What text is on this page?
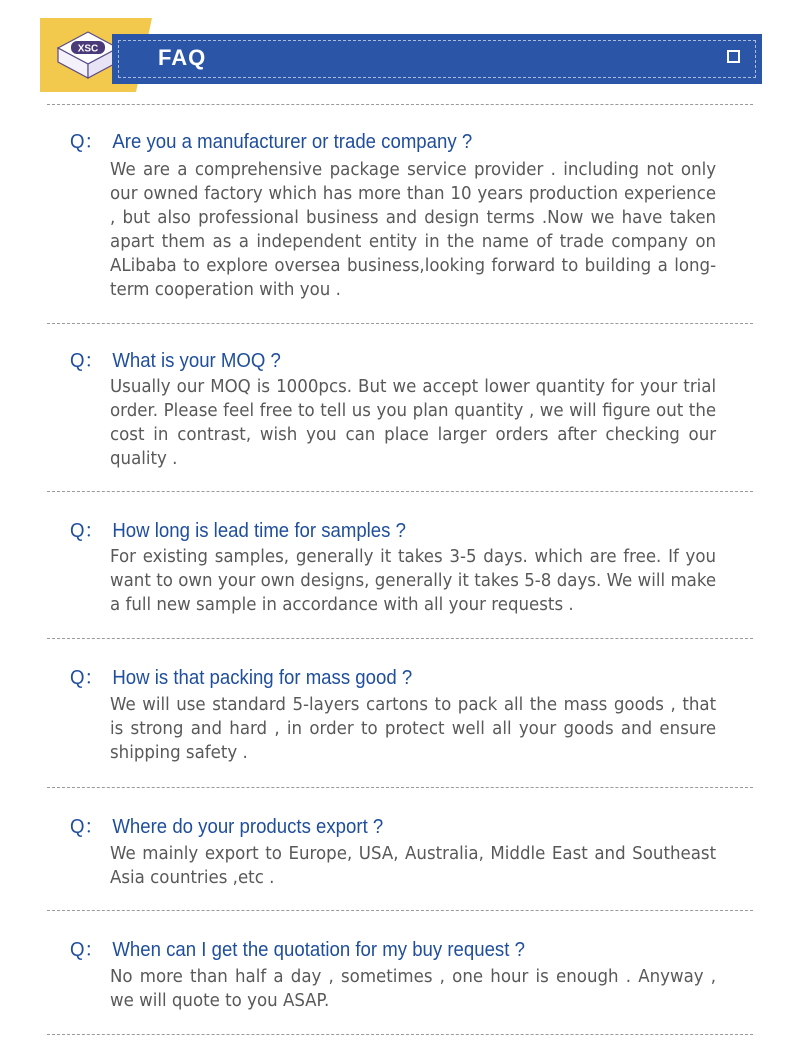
XSC	FAQ
Q： Are you a manufacturer or trade company ?
We are a comprehensive package service provider . including not only our owned factory which has more than 10 years production experience , but also professional business and design terms .Now we have taken apart them as a independent entity in the name of trade company on ALibaba to explore oversea business,looking forward to building a long-term cooperation with you .
Q： What is your MOQ ?
Usually our MOQ is 1000pcs. But we accept lower quantity for your trial order. Please feel free to tell us you plan quantity , we will figure out the cost in contrast, wish you can place larger orders after checking our quality .
Q： How long is lead time for samples ?
For existing samples, generally it takes 3-5 days. which are free. If you want to own your own designs, generally it takes 5-8 days. We will make a full new sample in accordance with all your requests .
Q： How is that packing for mass good ?
We will use standard 5-layers cartons to pack all the mass goods , that is strong and hard , in order to protect well all your goods and ensure shipping safety .
Q： Where do your products export ?
We mainly export to Europe, USA, Australia, Middle East and Southeast Asia countries ,etc .
Q： When can I get the quotation for my buy request ?
No more than half a day , sometimes , one hour is enough . Anyway , we will quote to you ASAP.
